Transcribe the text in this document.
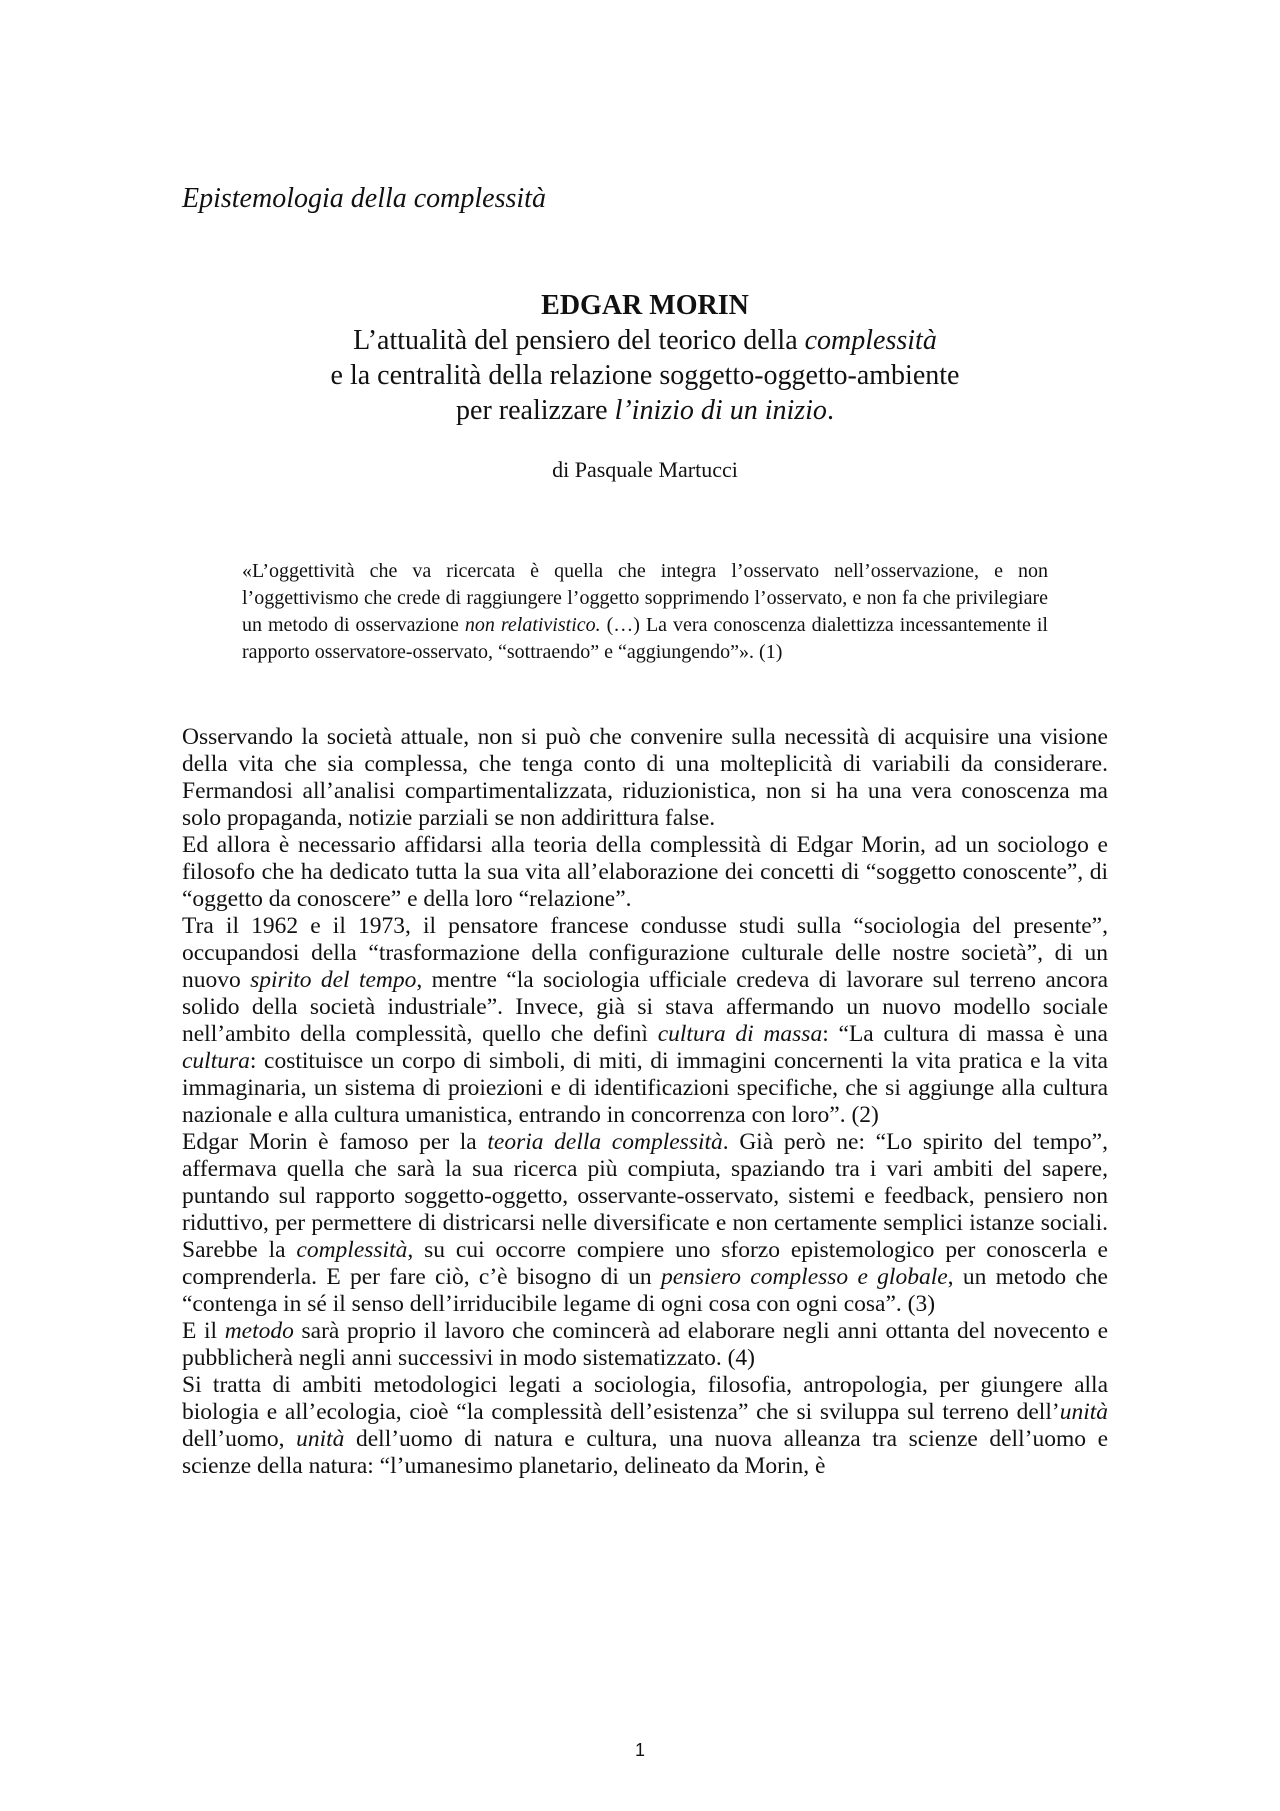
Epistemologia della complessità

EDGAR MORIN

L’attualità del pensiero del teorico della complessità

e la centralità della relazione soggetto-oggetto-ambiente

per realizzare l’inizio di un inizio.

di Pasquale Martucci

«L’oggettività che va ricercata è quella che integra l’osservato nell’osservazione, e non l’oggettivismo che crede di raggiungere l’oggetto sopprimendo l’osservato, e non fa che privilegiare un metodo di osservazione non relativistico. (…) La vera conoscenza dialettizza incessantemente il rapporto osservatore-osservato, “sottraendo” e “aggiungendo”». (1)

Osservando la società attuale, non si può che convenire sulla necessità di acquisire una visione della vita che sia complessa, che tenga conto di una molteplicità di variabili da considerare. Fermandosi all’analisi compartimentalizzata, riduzionistica, non si ha una vera conoscenza ma solo propaganda, notizie parziali se non addirittura false.

Ed allora è necessario affidarsi alla teoria della complessità di Edgar Morin, ad un sociologo e filosofo che ha dedicato tutta la sua vita all’elaborazione dei concetti di “soggetto conoscente”, di “oggetto da conoscere” e della loro “relazione”.

Tra il 1962 e il 1973, il pensatore francese condusse studi sulla “sociologia del presente”, occupandosi della “trasformazione della configurazione culturale delle nostre società”, di un nuovo spirito del tempo, mentre “la sociologia ufficiale credeva di lavorare sul terreno ancora solido della società industriale”. Invece, già si stava affermando un nuovo modello sociale nell’ambito della complessità, quello che definì cultura di massa: “La cultura di massa è una cultura: costituisce un corpo di simboli, di miti, di immagini concernenti la vita pratica e la vita immaginaria, un sistema di proiezioni e di identificazioni specifiche, che si aggiunge alla cultura nazionale e alla cultura umanistica, entrando in concorrenza con loro”. (2)

Edgar Morin è famoso per la teoria della complessità. Già però ne: “Lo spirito del tempo”, affermava quella che sarà la sua ricerca più compiuta, spaziando tra i vari ambiti del sapere, puntando sul rapporto soggetto-oggetto, osservante-osservato, sistemi e feedback, pensiero non riduttivo, per permettere di districarsi nelle diversificate e non certamente semplici istanze sociali. Sarebbe la complessità, su cui occorre compiere uno sforzo epistemologico per conoscerla e comprenderla. E per fare ciò, c’è bisogno di un pensiero complesso e globale, un metodo che “contenga in sé il senso dell’irriducibile legame di ogni cosa con ogni cosa”. (3)

E il metodo sarà proprio il lavoro che comincerà ad elaborare negli anni ottanta del novecento e pubblicherà negli anni successivi in modo sistematizzato. (4)

Si tratta di ambiti metodologici legati a sociologia, filosofia, antropologia, per giungere alla biologia e all’ecologia, cioè “la complessità dell’esistenza” che si sviluppa sul terreno dell’unità dell’uomo, unità dell’uomo di natura e cultura, una nuova alleanza tra scienze dell’uomo e scienze della natura: “l’umanesimo planetario, delineato da Morin, è

1
